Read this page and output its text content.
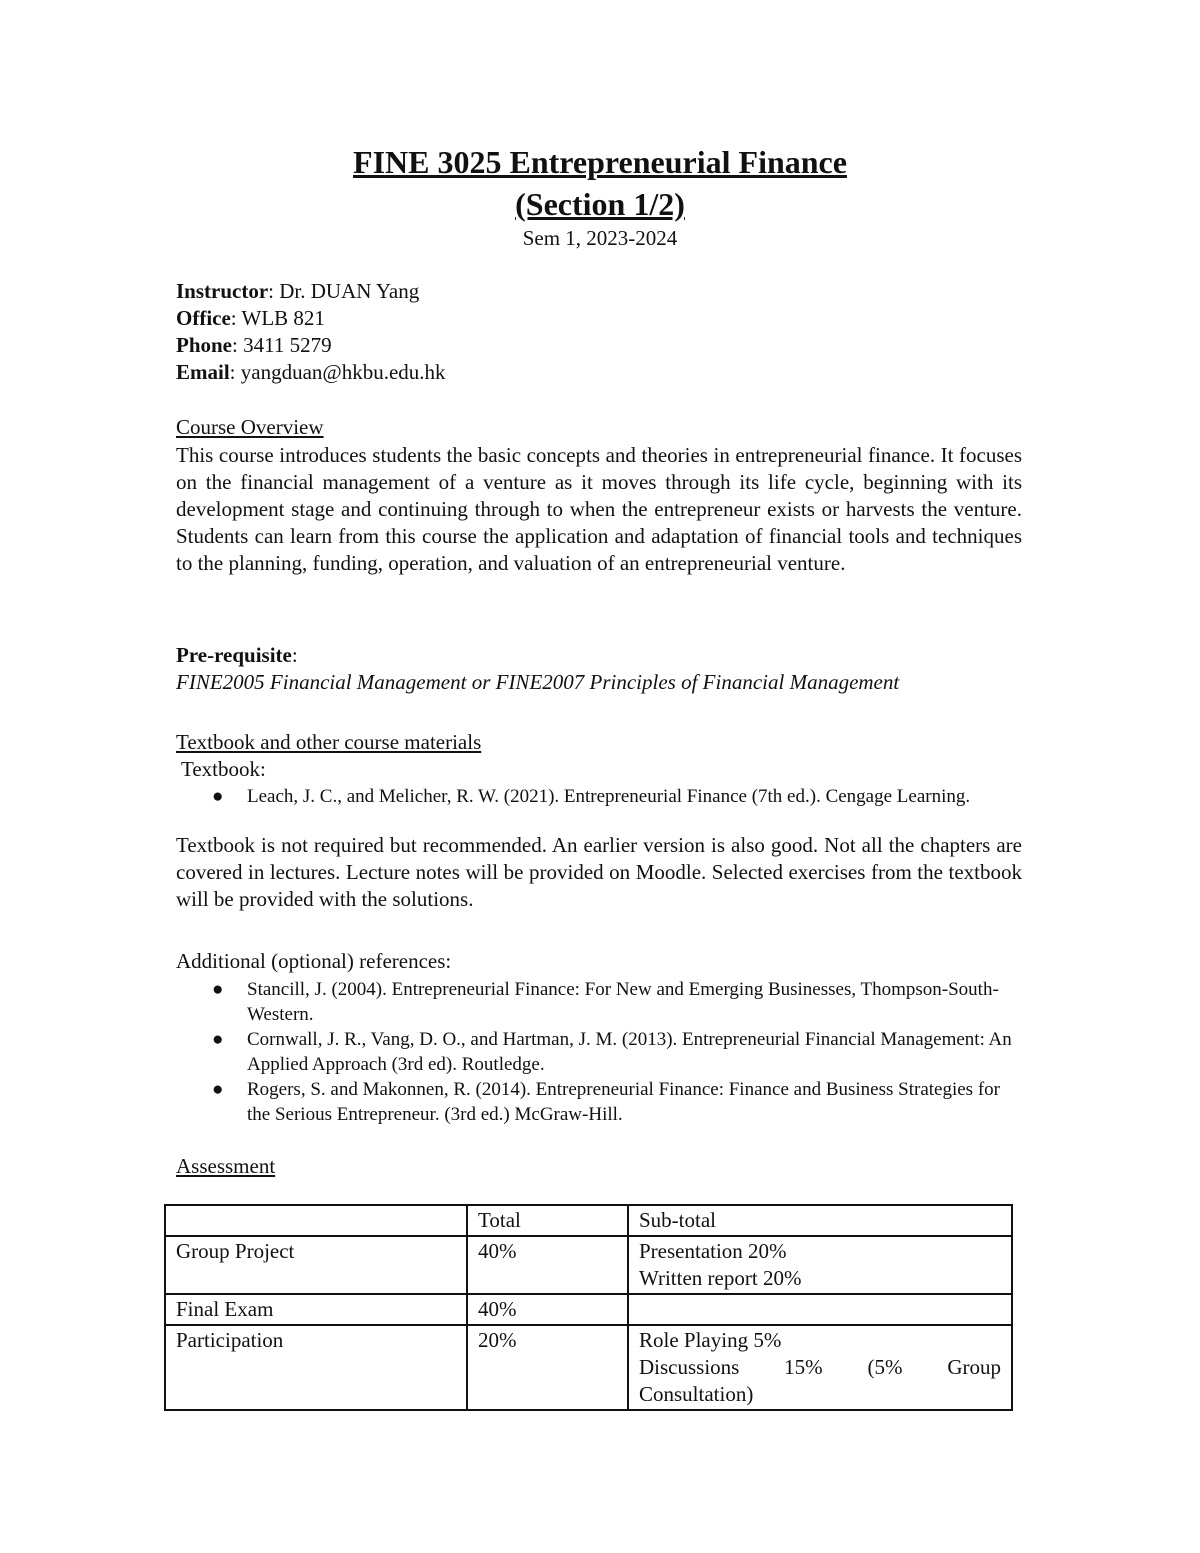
FINE 3025 Entrepreneurial Finance
(Section 1/2)
Sem 1, 2023-2024
Instructor: Dr. DUAN Yang
Office: WLB 821
Phone: 3411 5279
Email: yangduan@hkbu.edu.hk
Course Overview
This course introduces students the basic concepts and theories in entrepreneurial finance. It focuses on the financial management of a venture as it moves through its life cycle, beginning with its development stage and continuing through to when the entrepreneur exists or harvests the venture. Students can learn from this course the application and adaptation of financial tools and techniques to the planning, funding, operation, and valuation of an entrepreneurial venture.
Pre-requisite:
FINE2005 Financial Management or FINE2007 Principles of Financial Management
Textbook and other course materials
Textbook:
● Leach, J. C., and Melicher, R. W. (2021). Entrepreneurial Finance (7th ed.). Cengage Learning.
Textbook is not required but recommended. An earlier version is also good. Not all the chapters are covered in lectures. Lecture notes will be provided on Moodle. Selected exercises from the textbook will be provided with the solutions.
Additional (optional) references:
● Stancill, J. (2004). Entrepreneurial Finance: For New and Emerging Businesses, Thompson-South-Western.
● Cornwall, J. R., Vang, D. O., and Hartman, J. M. (2013). Entrepreneurial Financial Management: An Applied Approach (3rd ed). Routledge.
● Rogers, S. and Makonnen, R. (2014). Entrepreneurial Finance: Finance and Business Strategies for the Serious Entrepreneur. (3rd ed.) McGraw-Hill.
Assessment
	Total	Sub-total
Group Project	40%	Presentation 20%
Written report 20%

Final Exam	40%	

Participation	20%	Role Playing 5%
Discussions 15% (5% Group Consultation)
